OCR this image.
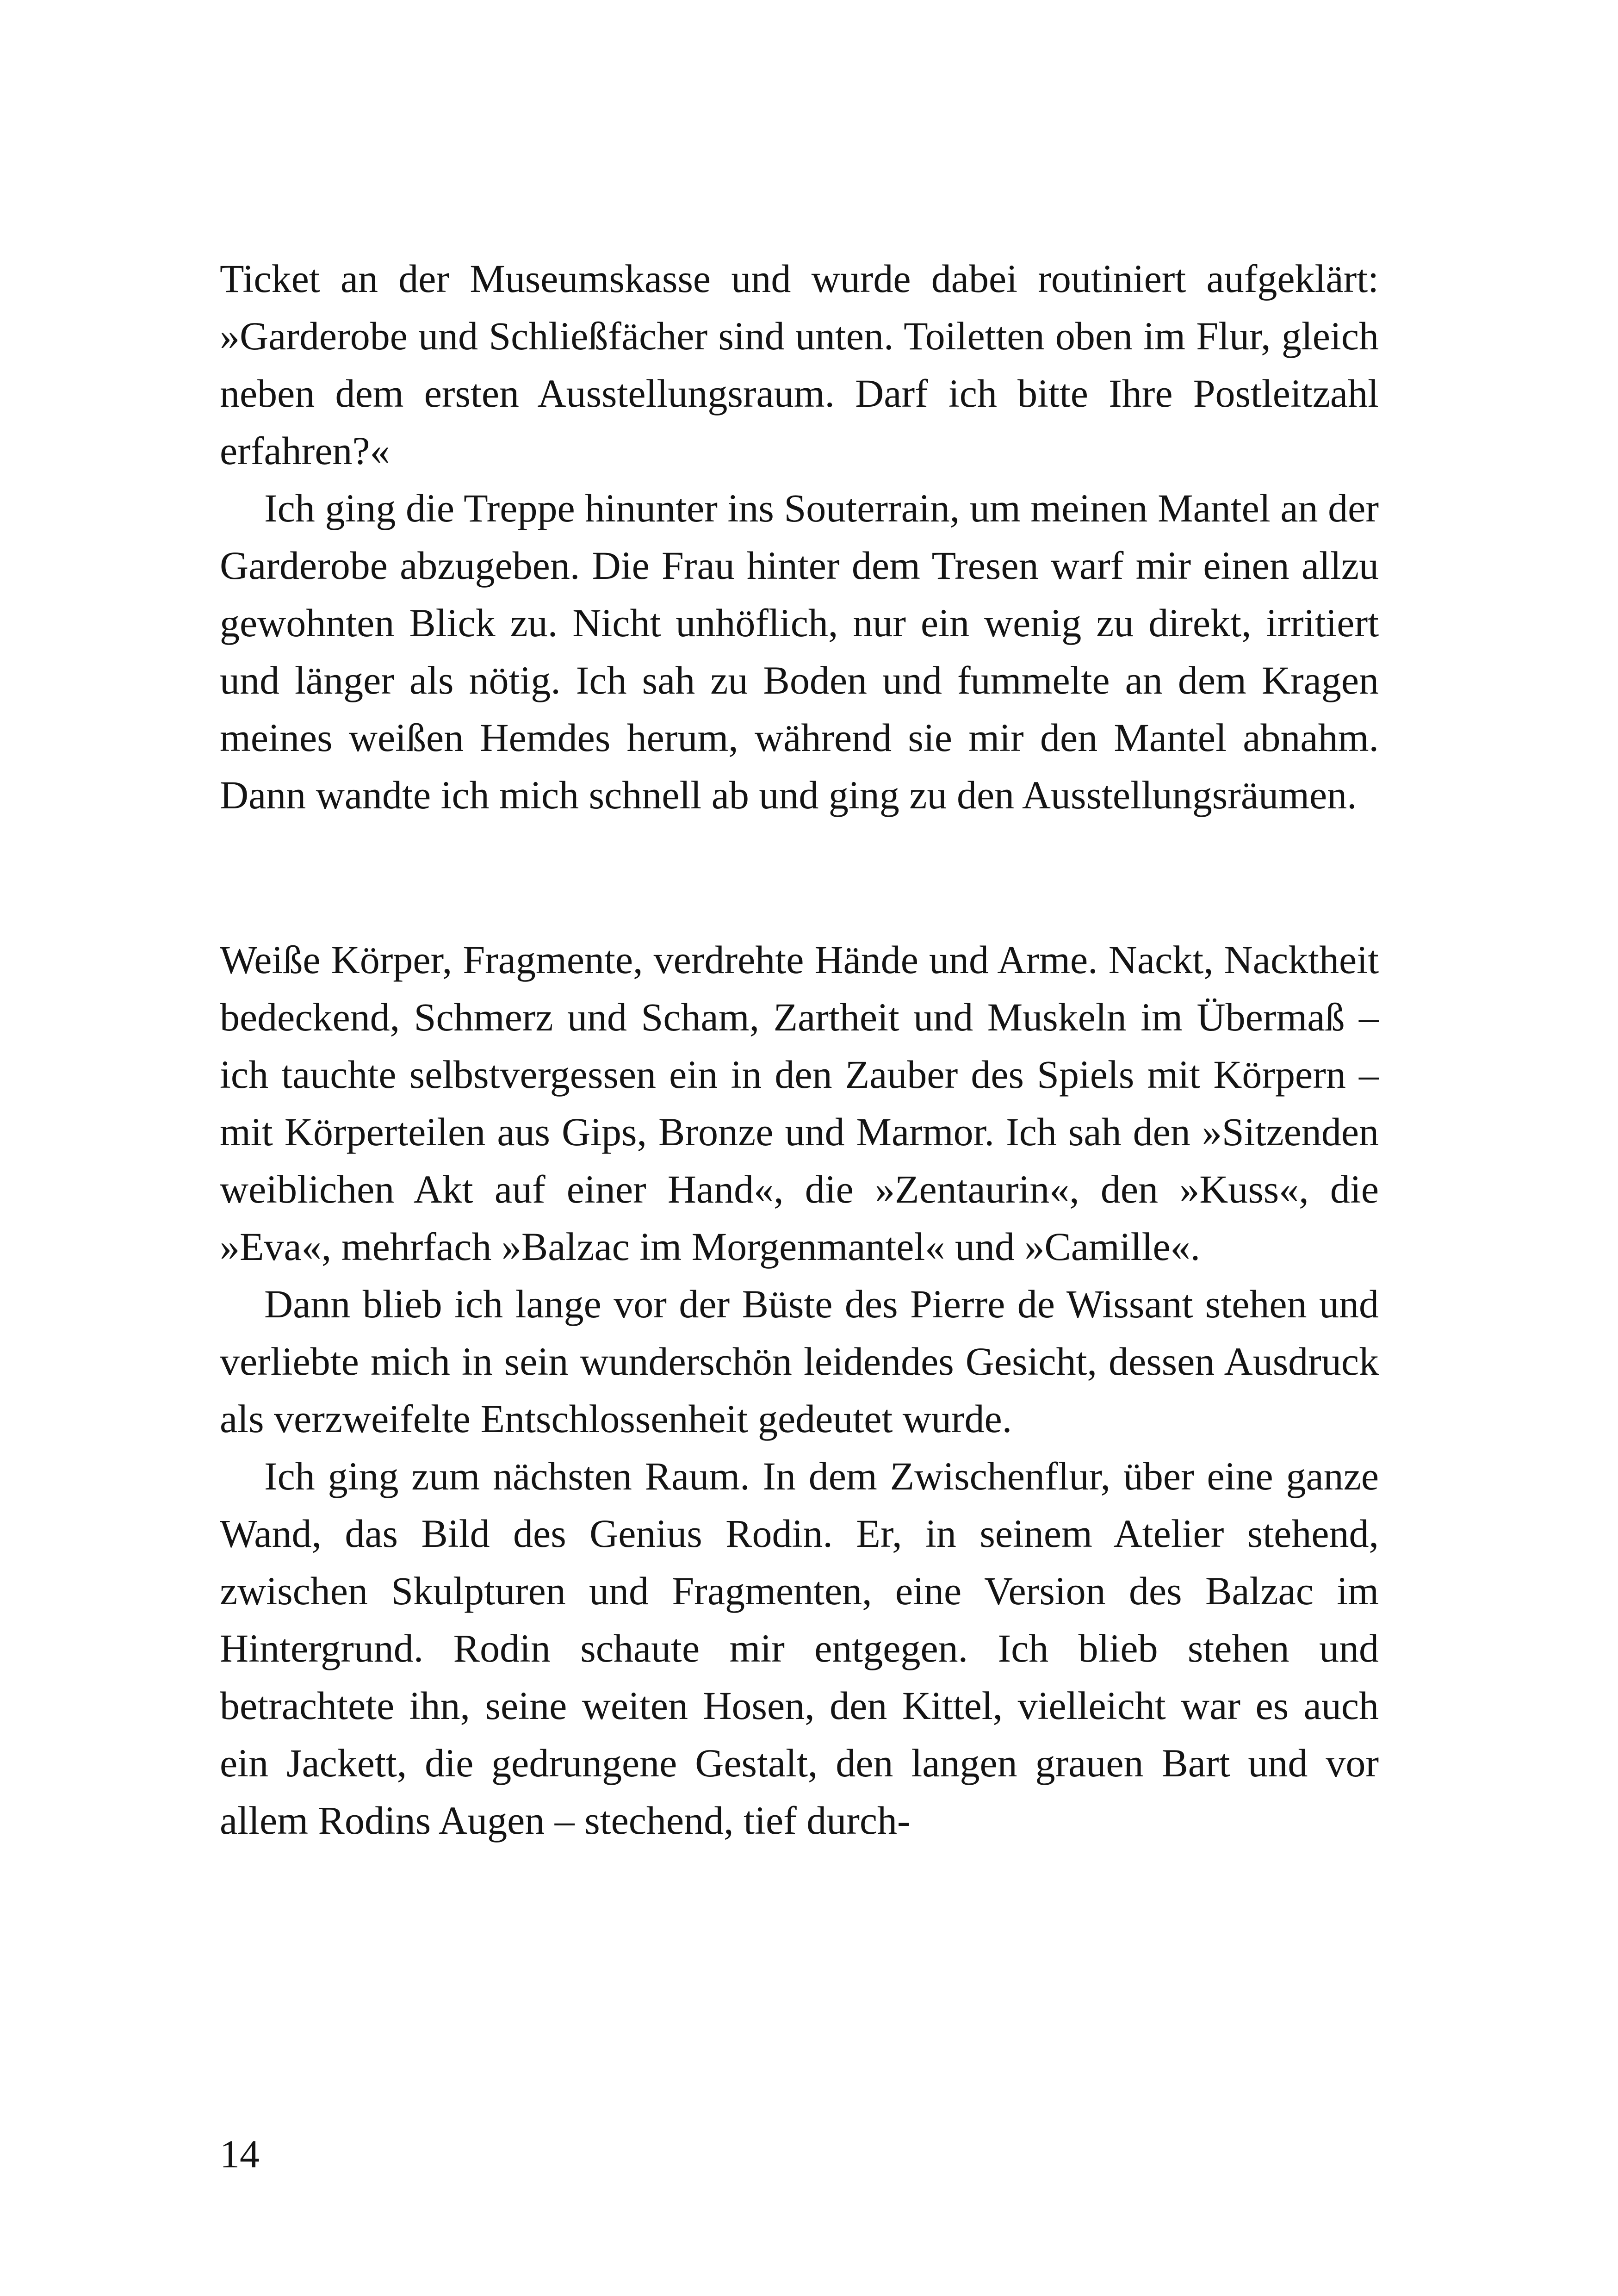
Ticket an der Museumskasse und wurde dabei routiniert aufgeklärt: »Garderobe und Schließfächer sind unten. Toiletten oben im Flur, gleich neben dem ersten Ausstellungsraum. Darf ich bitte Ihre Postleitzahl erfahren?«

Ich ging die Treppe hinunter ins Souterrain, um meinen Mantel an der Garderobe abzugeben. Die Frau hinter dem Tresen warf mir einen allzu gewohnten Blick zu. Nicht unhöflich, nur ein wenig zu direkt, irritiert und länger als nötig. Ich sah zu Boden und fummelte an dem Kragen meines weißen Hemdes herum, während sie mir den Mantel abnahm. Dann wandte ich mich schnell ab und ging zu den Ausstellungsräumen.

Weiße Körper, Fragmente, verdrehte Hände und Arme. Nackt, Nacktheit bedeckend, Schmerz und Scham, Zartheit und Muskeln im Übermaß – ich tauchte selbstvergessen ein in den Zauber des Spiels mit Körpern – mit Körperteilen aus Gips, Bronze und Marmor. Ich sah den »Sitzenden weiblichen Akt auf einer Hand«, die »Zentaurin«, den »Kuss«, die »Eva«, mehrfach »Balzac im Morgenmantel« und »Camille«.

Dann blieb ich lange vor der Büste des Pierre de Wissant stehen und verliebte mich in sein wunderschön leidendes Gesicht, dessen Ausdruck als verzweifelte Entschlossenheit gedeutet wurde.

Ich ging zum nächsten Raum. In dem Zwischenflur, über eine ganze Wand, das Bild des Genius Rodin. Er, in seinem Atelier stehend, zwischen Skulpturen und Fragmenten, eine Version des Balzac im Hintergrund. Rodin schaute mir entgegen. Ich blieb stehen und betrachtete ihn, seine weiten Hosen, den Kittel, vielleicht war es auch ein Jackett, die gedrungene Gestalt, den langen grauen Bart und vor allem Rodins Augen – stechend, tief durch-

14
